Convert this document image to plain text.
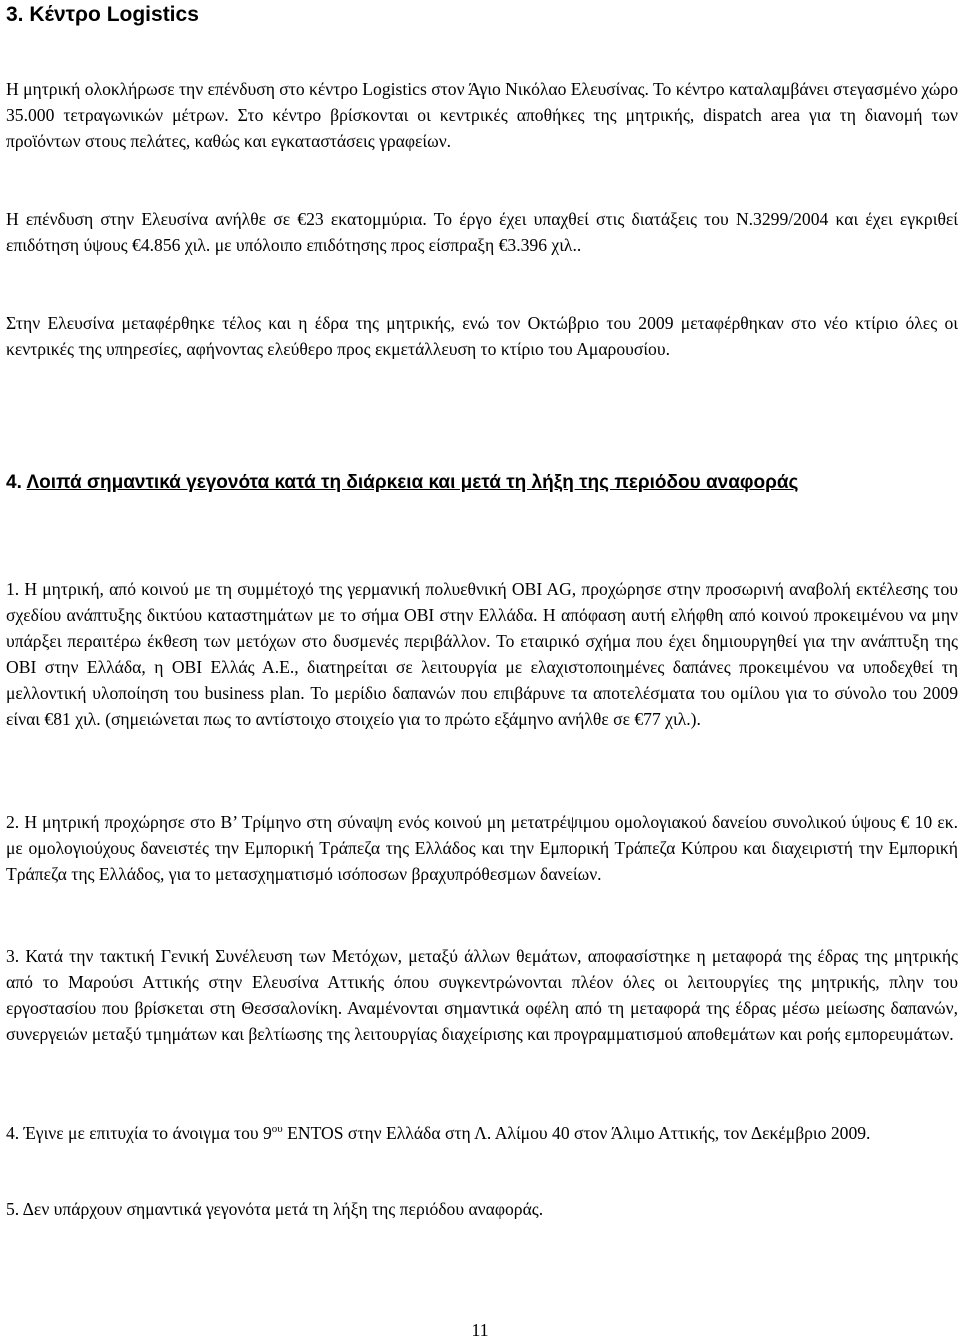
3. Κέντρο Logistics
Η μητρική ολοκλήρωσε την επένδυση στο κέντρο Logistics στον Άγιο Νικόλαο Ελευσίνας. Το κέντρο καταλαμβάνει στεγασμένο χώρο 35.000 τετραγωνικών μέτρων. Στο κέντρο βρίσκονται οι κεντρικές αποθήκες της μητρικής, dispatch area για τη διανομή των προϊόντων στους πελάτες, καθώς και εγκαταστάσεις γραφείων.
Η επένδυση στην Ελευσίνα ανήλθε σε €23 εκατομμύρια. Το έργο έχει υπαχθεί στις διατάξεις του Ν.3299/2004 και έχει εγκριθεί επιδότηση ύψους €4.856 χιλ. με υπόλοιπο επιδότησης προς είσπραξη €3.396 χιλ..
Στην Ελευσίνα μεταφέρθηκε τέλος και η έδρα της μητρικής, ενώ τον Οκτώβριο του 2009 μεταφέρθηκαν στο νέο κτίριο όλες οι κεντρικές της υπηρεσίες, αφήνοντας ελεύθερο προς εκμετάλλευση το κτίριο του Αμαρουσίου.
4. Λοιπά σημαντικά γεγονότα κατά τη διάρκεια και μετά τη λήξη της περιόδου αναφοράς
1. Η μητρική, από κοινού με τη συμμέτοχό της γερμανική πολυεθνική OBI AG, προχώρησε στην προσωρινή αναβολή εκτέλεσης του σχεδίου ανάπτυξης δικτύου καταστημάτων με το σήμα OBI στην Ελλάδα. Η απόφαση αυτή ελήφθη από κοινού προκειμένου να μην υπάρξει περαιτέρω έκθεση των μετόχων στο δυσμενές περιβάλλον. Το εταιρικό σχήμα που έχει δημιουργηθεί για την ανάπτυξη της OBI στην Ελλάδα, η OBI Ελλάς Α.Ε., διατηρείται σε λειτουργία με ελαχιστοποιημένες δαπάνες προκειμένου να υποδεχθεί τη μελλοντική υλοποίηση του business plan. Το μερίδιο δαπανών που επιβάρυνε τα αποτελέσματα του ομίλου για το σύνολο του 2009 είναι €81 χιλ. (σημειώνεται πως το αντίστοιχο στοιχείο για το πρώτο εξάμηνο ανήλθε σε €77 χιλ.).
2. Η μητρική προχώρησε στο Β’ Τρίμηνο στη σύναψη ενός κοινού μη μετατρέψιμου ομολογιακού δανείου συνολικού ύψους € 10 εκ. με ομολογιούχους δανειστές την Εμπορική Τράπεζα της Ελλάδος και την Εμπορική Τράπεζα Κύπρου και διαχειριστή την Εμπορική Τράπεζα της Ελλάδος, για το μετασχηματισμό ισόποσων βραχυπρόθεσμων δανείων.
3. Κατά την τακτική Γενική Συνέλευση των Μετόχων, μεταξύ άλλων θεμάτων, αποφασίστηκε η μεταφορά της έδρας της μητρικής από το Μαρούσι Αττικής στην Ελευσίνα Αττικής όπου συγκεντρώνονται πλέον όλες οι λειτουργίες της μητρικής, πλην του εργοστασίου που βρίσκεται στη Θεσσαλονίκη. Αναμένονται σημαντικά οφέλη από τη μεταφορά της έδρας μέσω μείωσης δαπανών, συνεργειών μεταξύ τμημάτων και βελτίωσης της λειτουργίας διαχείρισης και προγραμματισμού αποθεμάτων και ροής εμπορευμάτων.
4. Έγινε με επιτυχία το άνοιγμα του $9^{o\upsilon}$ ENTOS στην Ελλάδα στη Λ. Αλίμου 40 στον Άλιμο Αττικής, τον Δεκέμβριο 2009.
5. Δεν υπάρχουν σημαντικά γεγονότα μετά τη λήξη της περιόδου αναφοράς.
11
